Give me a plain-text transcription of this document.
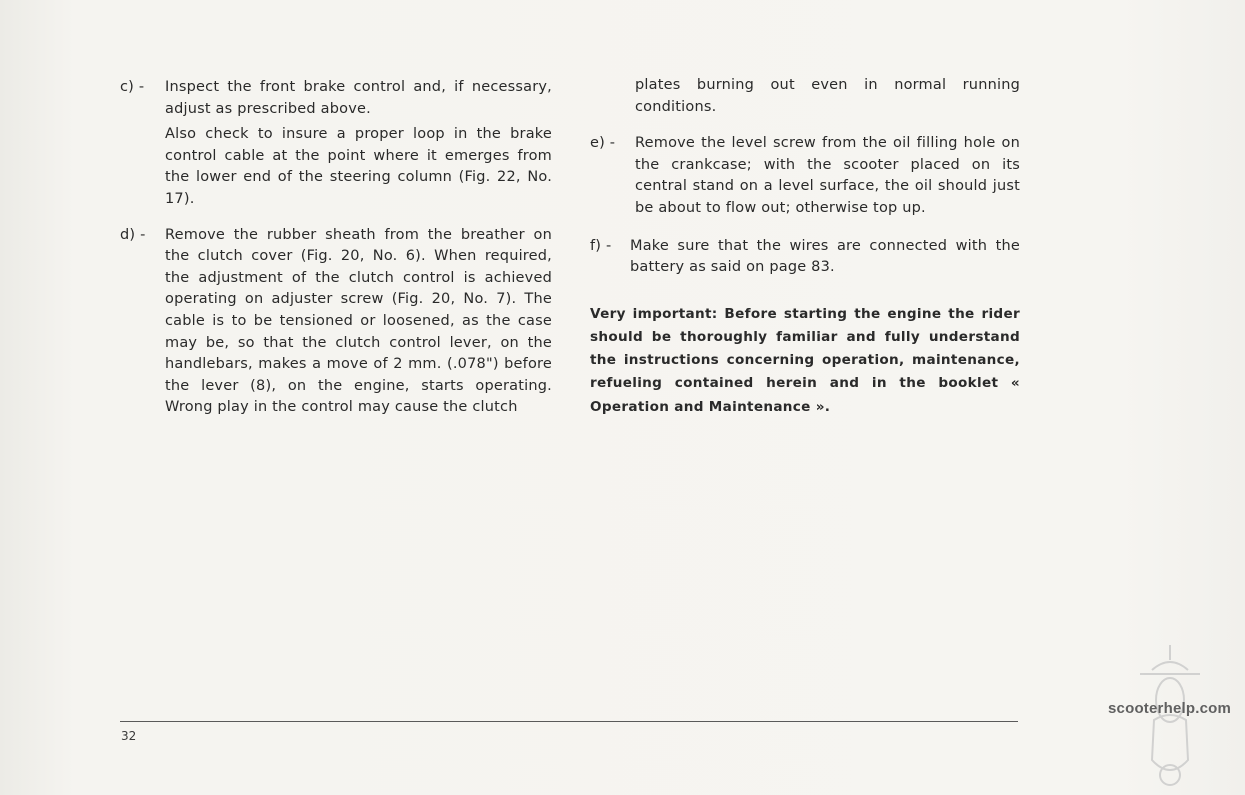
c) - Inspect the front brake control and, if necessary, adjust as prescribed above.
Also check to insure a proper loop in the brake control cable at the point where it emerges from the lower end of the steering column (Fig. 22, No. 17).
d) - Remove the rubber sheath from the breather on the clutch cover (Fig. 20, No. 6). When required, the adjustment of the clutch control is achieved operating on adjuster screw (Fig. 20, No. 7). The cable is to be tensioned or loosened, as the case may be, so that the clutch control lever, on the handlebars, makes a move of 2 mm. (.078") before the lever (8), on the engine, starts operating. Wrong play in the control may cause the clutch
plates burning out even in normal running conditions.
e) - Remove the level screw from the oil filling hole on the crankcase; with the scooter placed on its central stand on a level surface, the oil should just be about to flow out; otherwise top up.
f) - Make sure that the wires are connected with the battery as said on page 83.

Very important: Before starting the engine the rider should be thoroughly familiar and fully understand the instructions concerning operation, maintenance, refueling contained herein and in the booklet « Operation and Maintenance ».

32
scooterhelp.com
